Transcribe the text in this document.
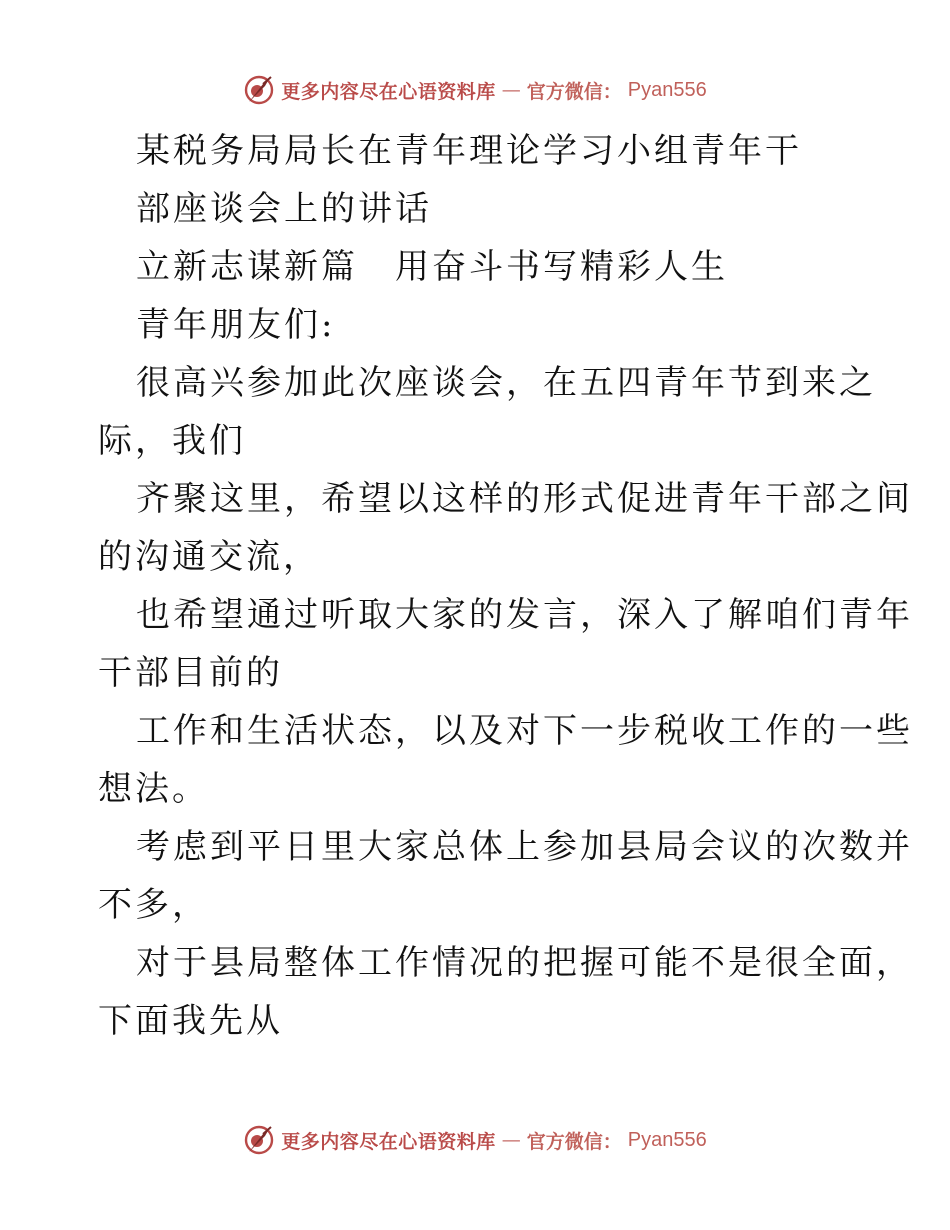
更多内容尽在心语资料库 — 官方微信： Pyan556
某税务局局长在青年理论学习小组青年干
部座谈会上的讲话
立新志谋新篇　用奋斗书写精彩人生
青年朋友们:
很高兴参加此次座谈会，在五四青年节到来之
际，我们
齐聚这里，希望以这样的形式促进青年干部之间
的沟通交流，
也希望通过听取大家的发言，深入了解咱们青年
干部目前的
工作和生活状态，以及对下一步税收工作的一些
想法。
考虑到平日里大家总体上参加县局会议的次数并
不多，
对于县局整体工作情况的把握可能不是很全面，
下面我先从
更多内容尽在心语资料库 — 官方微信： Pyan556
